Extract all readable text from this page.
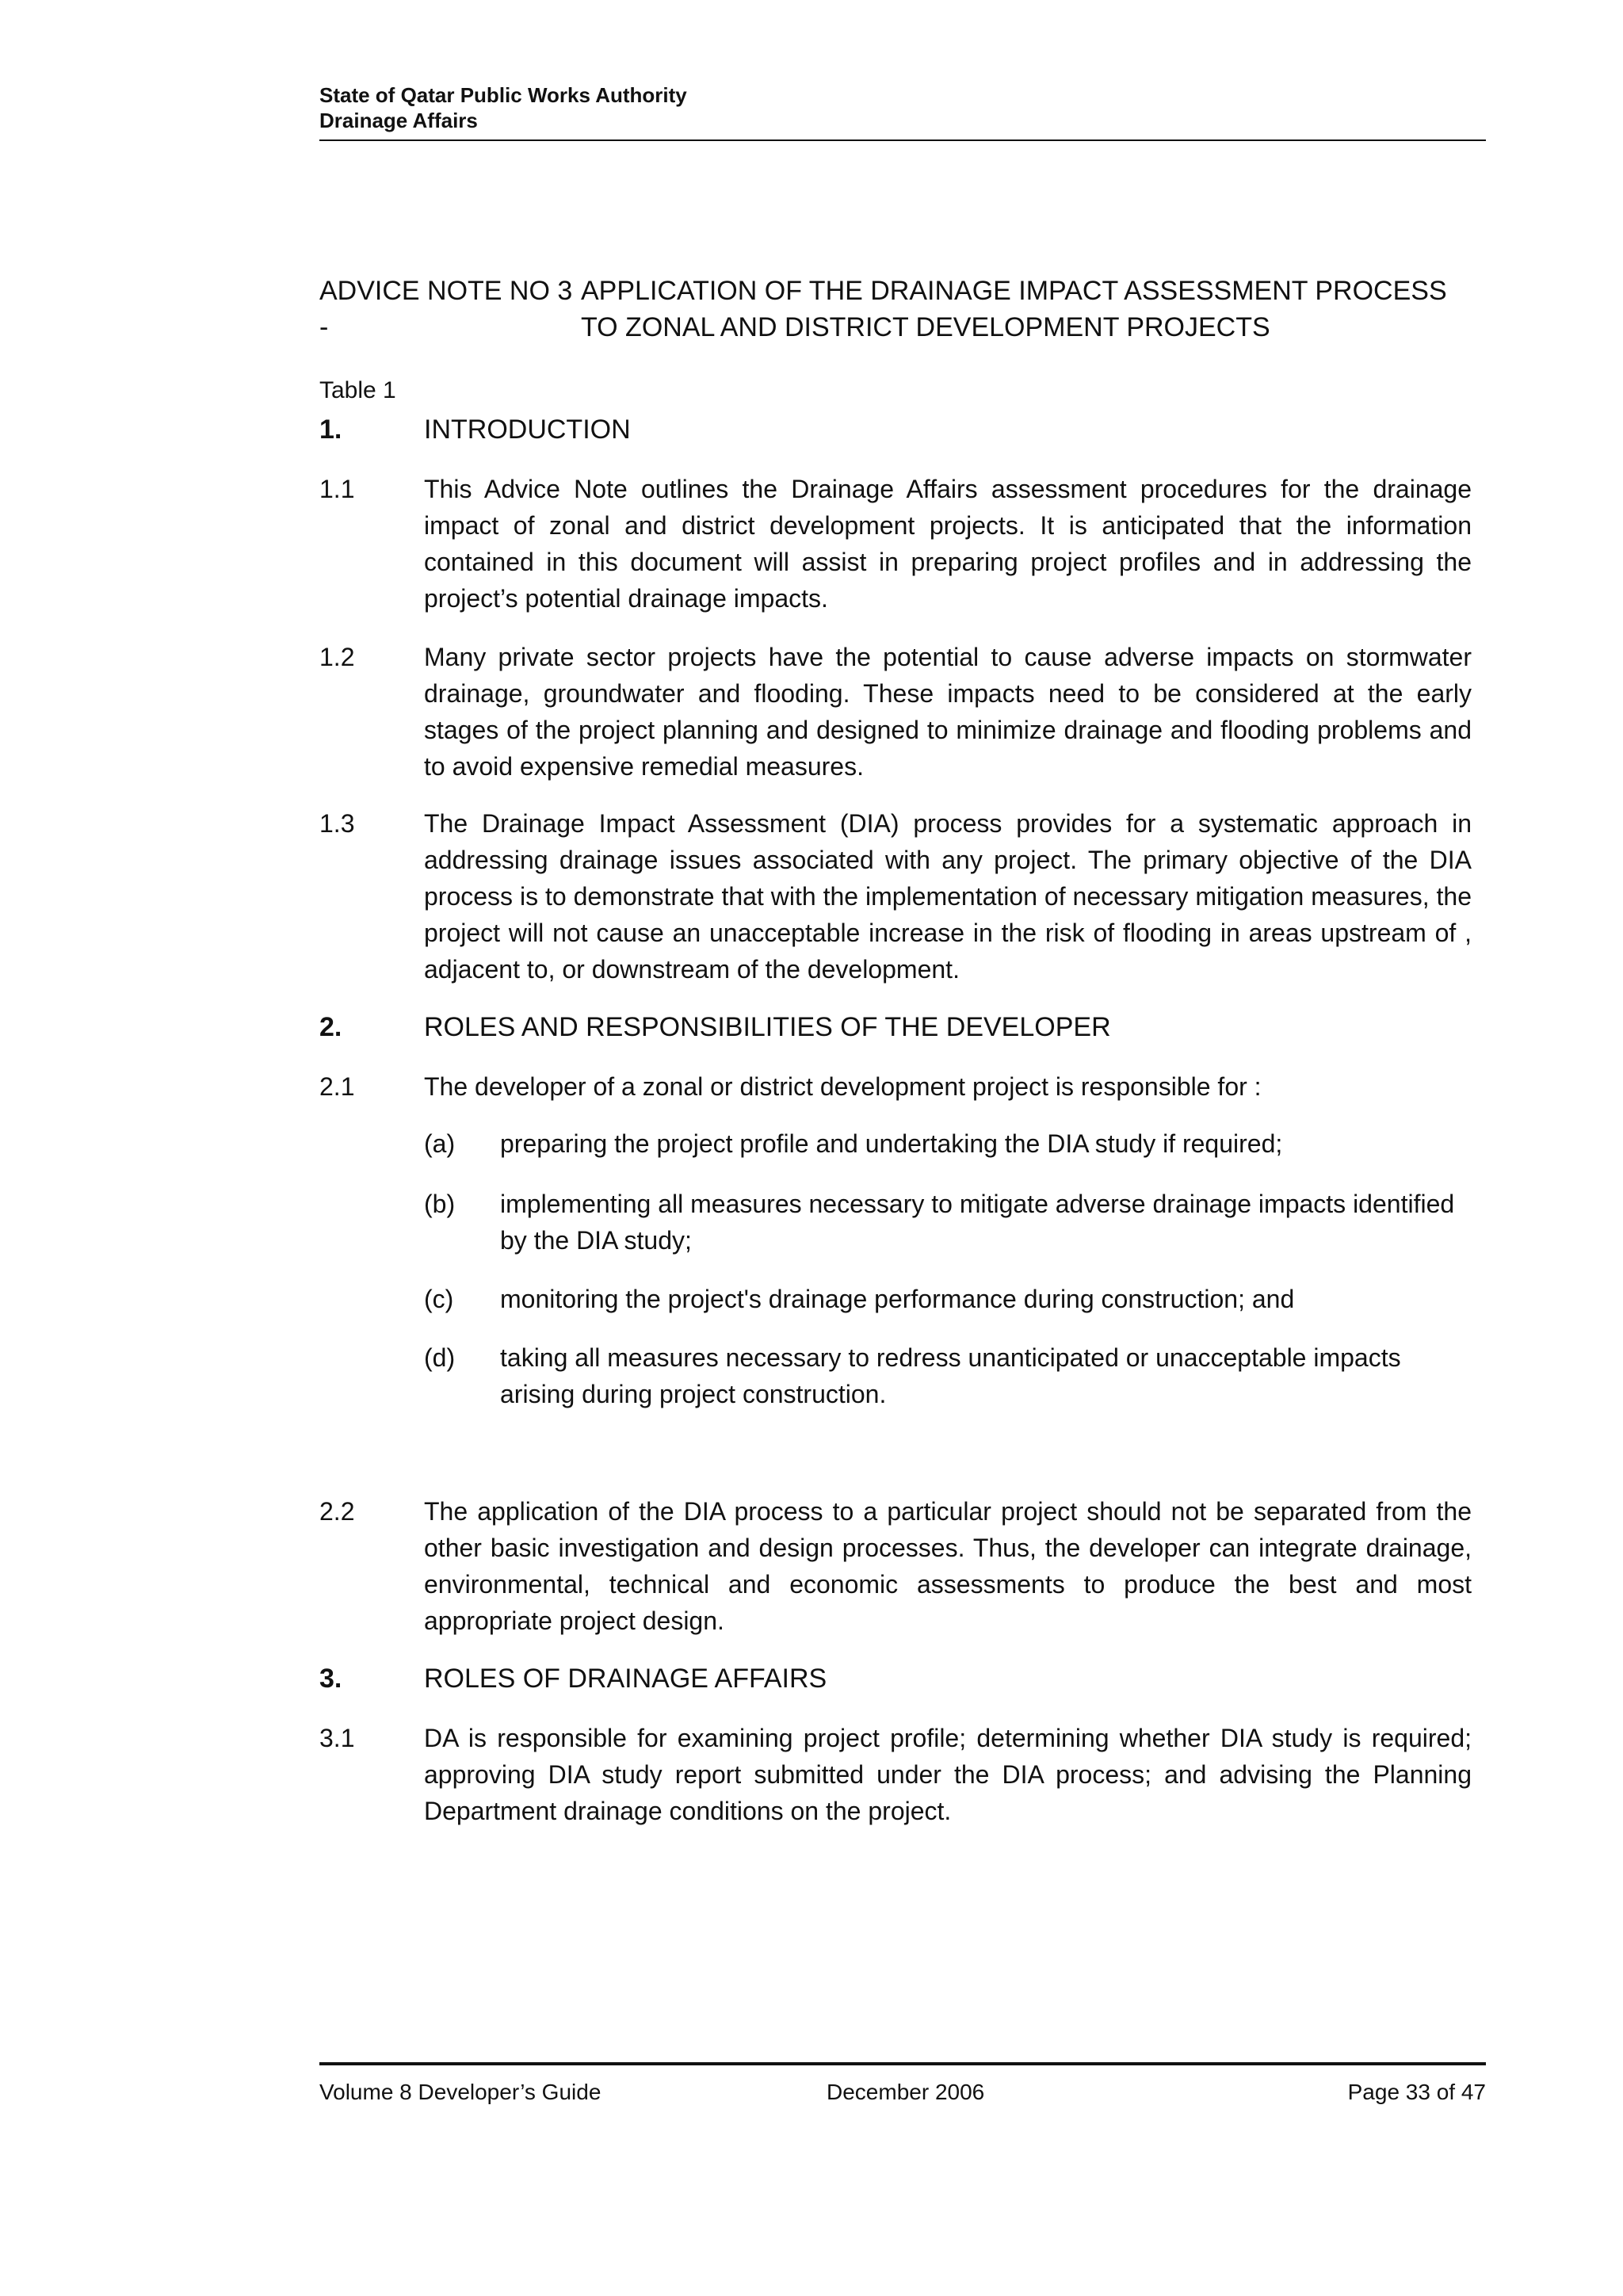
State of Qatar Public Works Authority
Drainage Affairs
ADVICE NOTE NO 3 -
APPLICATION OF THE DRAINAGE IMPACT ASSESSMENT PROCESS TO ZONAL AND DISTRICT DEVELOPMENT PROJECTS
Table 1
1.	INTRODUCTION
1.1	This Advice Note outlines the Drainage Affairs assessment procedures for the drainage impact of zonal and district development projects. It is anticipated that the information contained in this document will assist in preparing project profiles and in addressing the project’s potential drainage impacts.
1.2	Many private sector projects have the potential to cause adverse impacts on stormwater drainage, groundwater and flooding. These impacts need to be considered at the early stages of the project planning and designed to minimize drainage and flooding problems and to avoid expensive remedial measures.
1.3	The Drainage Impact Assessment (DIA) process provides for a systematic approach in addressing drainage issues associated with any project. The primary objective of the DIA process is to demonstrate that with the implementation of necessary mitigation measures, the project will not cause an unacceptable increase in the risk of flooding in areas upstream of , adjacent to, or downstream of the development.
2.	ROLES AND RESPONSIBILITIES OF THE DEVELOPER
2.1	The developer of a zonal or district development project is responsible for :
(a) preparing the project profile and undertaking the DIA study if required;
(b) implementing all measures necessary to mitigate adverse drainage impacts identified by the DIA study;
(c) monitoring the project's drainage performance during construction; and
(d) taking all measures necessary to redress unanticipated or unacceptable impacts arising during project construction.
2.2	The application of the DIA process to a particular project should not be separated from the other basic investigation and design processes. Thus, the developer can integrate drainage, environmental, technical and economic assessments to produce the best and most appropriate project design.
3.	ROLES OF DRAINAGE AFFAIRS
3.1	DA is responsible for examining project profile; determining whether DIA study is required; approving DIA study report submitted under the DIA process; and advising the Planning Department drainage conditions on the project.
Volume 8 Developer’s Guide	December 2006	Page 33 of 47
